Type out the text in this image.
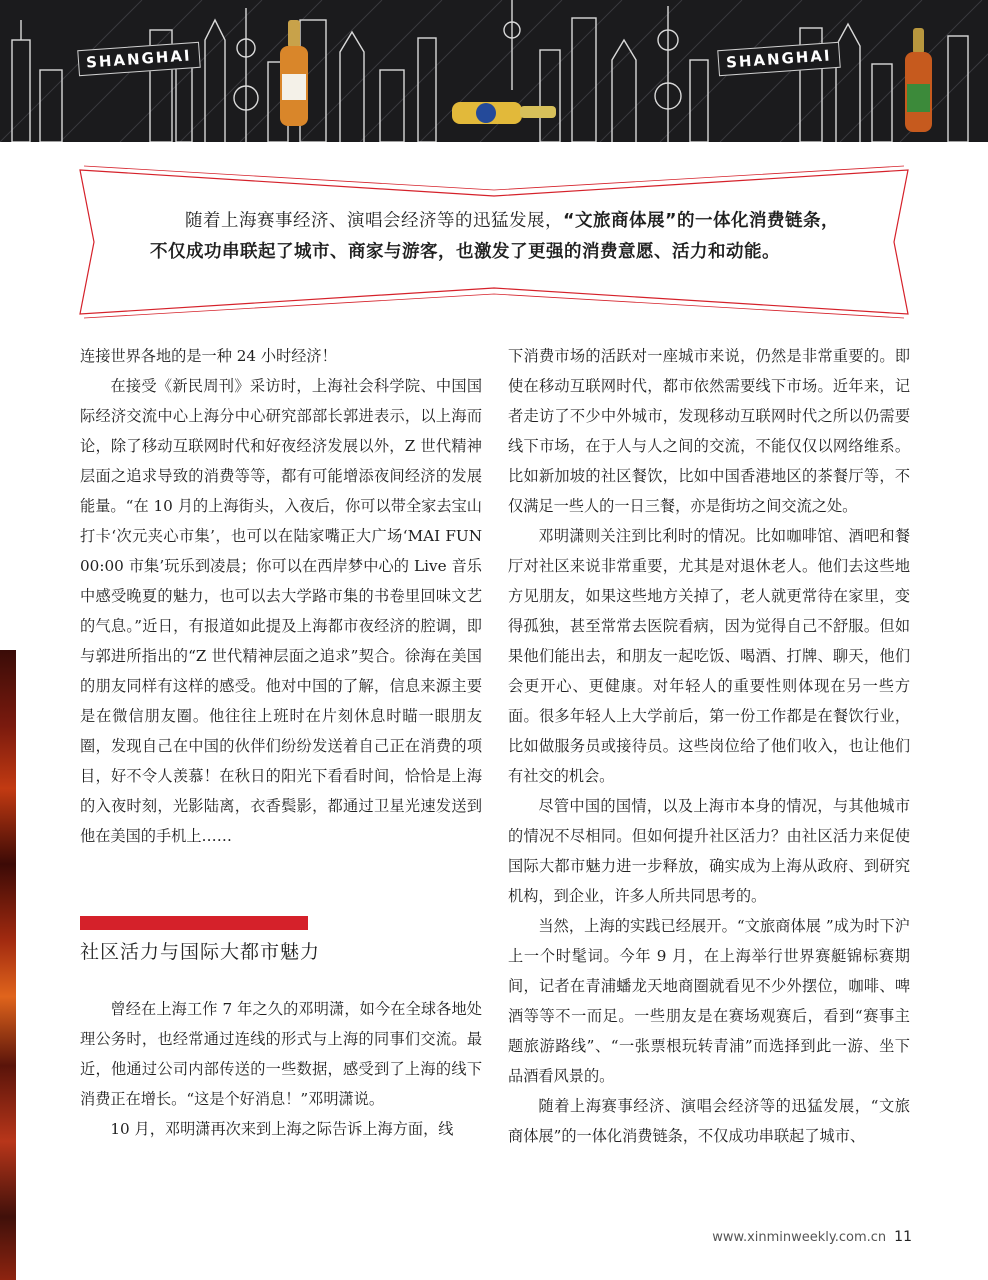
SHANGHAI	SHANGHAI
随着上海赛事经济、演唱会经济等的迅猛发展，“文旅商体展”的一体化消费链条，不仅成功串联起了城市、商家与游客，也激发了更强的消费意愿、活力和动能。

连接世界各地的是一种 24 小时经济！

在接受《新民周刊》采访时，上海社会科学院、中国国际经济交流中心上海分中心研究部部长郭进表示，以上海而论，除了移动互联网时代和好夜经济发展以外，Z 世代精神层面之追求导致的消费等等，都有可能增添夜间经济的发展能量。“在 10 月的上海街头，入夜后，你可以带全家去宝山打卡‘次元夹心市集’，也可以在陆家嘴正大广场‘MAI FUN 00:00 市集’玩乐到凌晨；你可以在西岸梦中心的 Live 音乐中感受晚夏的魅力，也可以去大学路市集的书卷里回味文艺的气息。”近日，有报道如此提及上海都市夜经济的腔调，即与郭进所指出的“Z 世代精神层面之追求”契合。徐海在美国的朋友同样有这样的感受。他对中国的了解，信息来源主要是在微信朋友圈。他往往上班时在片刻休息时瞄一眼朋友圈，发现自己在中国的伙伴们纷纷发送着自己正在消费的项目，好不令人羡慕！在秋日的阳光下看看时间，恰恰是上海的入夜时刻，光影陆离，衣香鬓影，都通过卫星光速发送到他在美国的手机上……

社区活力与国际大都市魅力

曾经在上海工作 7 年之久的邓明潇，如今在全球各地处理公务时，也经常通过连线的形式与上海的同事们交流。最近，他通过公司内部传送的一些数据，感受到了上海的线下消费正在增长。“这是个好消息！”邓明潇说。

10 月，邓明潇再次来到上海之际告诉上海方面，线

下消费市场的活跃对一座城市来说，仍然是非常重要的。即使在移动互联网时代，都市依然需要线下市场。近年来，记者走访了不少中外城市，发现移动互联网时代之所以仍需要线下市场，在于人与人之间的交流，不能仅仅以网络维系。比如新加坡的社区餐饮，比如中国香港地区的茶餐厅等，不仅满足一些人的一日三餐，亦是街坊之间交流之处。

邓明潇则关注到比利时的情况。比如咖啡馆、酒吧和餐厅对社区来说非常重要，尤其是对退休老人。他们去这些地方见朋友，如果这些地方关掉了，老人就更常待在家里，变得孤独，甚至常常去医院看病，因为觉得自己不舒服。但如果他们能出去，和朋友一起吃饭、喝酒、打牌、聊天，他们会更开心、更健康。对年轻人的重要性则体现在另一些方面。很多年轻人上大学前后，第一份工作都是在餐饮行业，比如做服务员或接待员。这些岗位给了他们收入，也让他们有社交的机会。

尽管中国的国情，以及上海市本身的情况，与其他城市的情况不尽相同。但如何提升社区活力？由社区活力来促使国际大都市魅力进一步释放，确实成为上海从政府、到研究机构，到企业，许多人所共同思考的。

当然，上海的实践已经展开。“文旅商体展 ”成为时下沪上一个时髦词。今年 9 月，在上海举行世界赛艇锦标赛期间，记者在青浦蟠龙天地商圈就看见不少外摆位，咖啡、啤酒等等不一而足。一些朋友是在赛场观赛后，看到“赛事主题旅游路线”、“一张票根玩转青浦”而选择到此一游、坐下品酒看风景的。

随着上海赛事经济、演唱会经济等的迅猛发展，“文旅商体展”的一体化消费链条，不仅成功串联起了城市、

www.xinminweekly.com.cn 11
